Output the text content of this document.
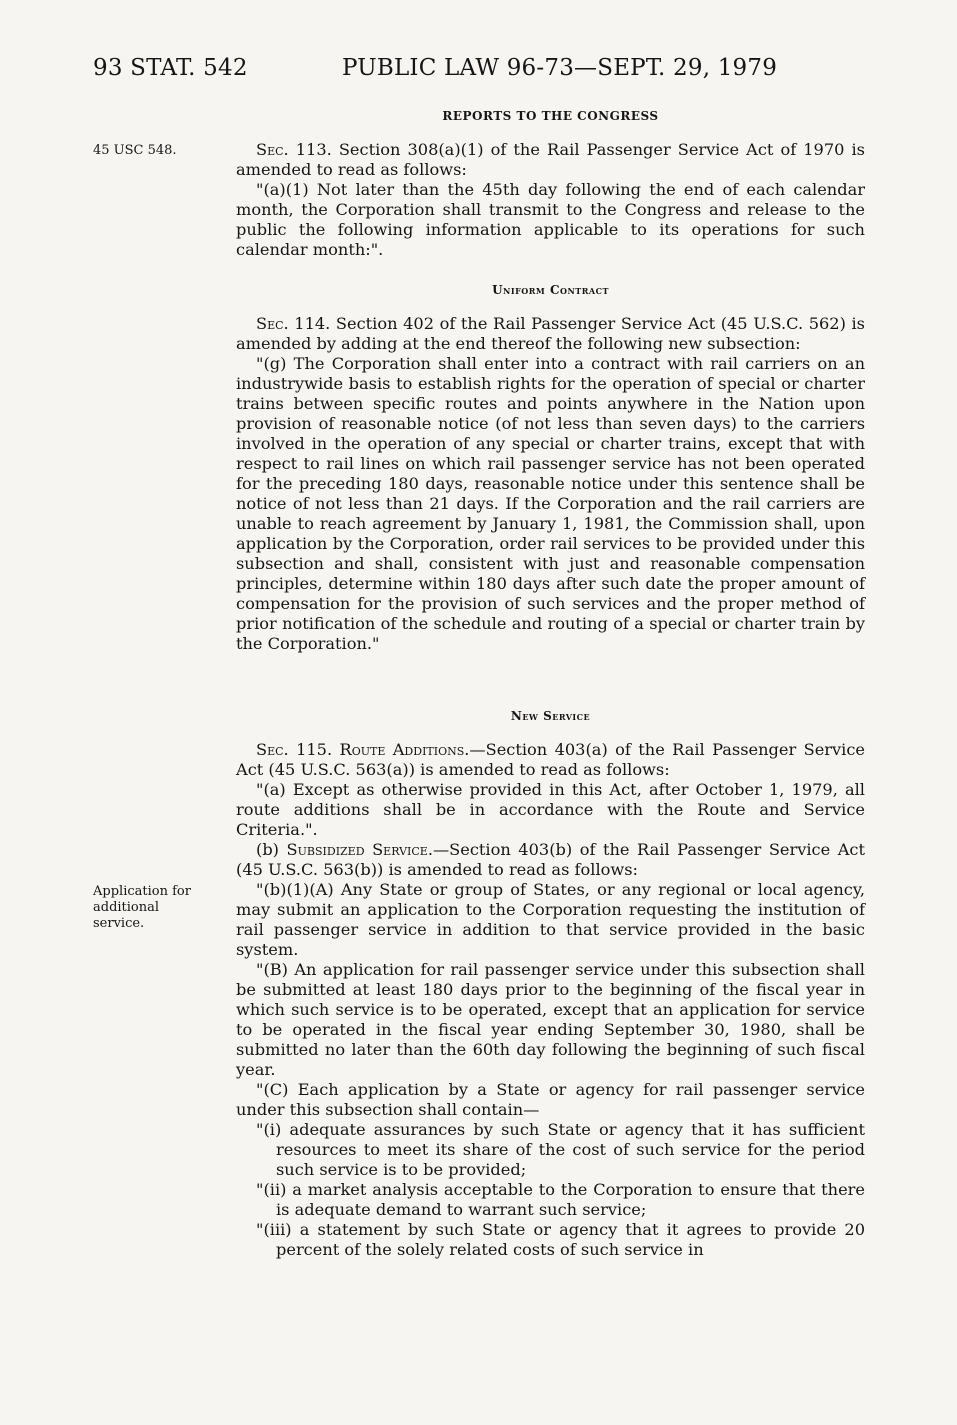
93 STAT. 542	PUBLIC LAW 96-73—SEPT. 29, 1979
REPORTS TO THE CONGRESS
45 USC 548.	Sec. 113. Section 308(a)(1) of the Rail Passenger Service Act of 1970 is amended to read as follows:

"(a)(1) Not later than the 45th day following the end of each calendar month, the Corporation shall transmit to the Congress and release to the public the following information applicable to its operations for such calendar month:".

Uniform Contract

Sec. 114. Section 402 of the Rail Passenger Service Act (45 U.S.C. 562) is amended by adding at the end thereof the following new subsection:

"(g) The Corporation shall enter into a contract with rail carriers on an industrywide basis to establish rights for the operation of special or charter trains between specific routes and points anywhere in the Nation upon provision of reasonable notice (of not less than seven days) to the carriers involved in the operation of any special or charter trains, except that with respect to rail lines on which rail passenger service has not been operated for the preceding 180 days, reasonable notice under this sentence shall be notice of not less than 21 days. If the Corporation and the rail carriers are unable to reach agreement by January 1, 1981, the Commission shall, upon application by the Corporation, order rail services to be provided under this subsection and shall, consistent with just and reasonable compensation principles, determine within 180 days after such date the proper amount of compensation for the provision of such services and the proper method of prior notification of the schedule and routing of a special or charter train by the Corporation."

New Service
Application for
additional
service.

Sec. 115. Route Additions.—Section 403(a) of the Rail Passenger Service Act (45 U.S.C. 563(a)) is amended to read as follows:

"(a) Except as otherwise provided in this Act, after October 1, 1979, all route additions shall be in accordance with the Route and Service Criteria.".

(b) Subsidized Service.—Section 403(b) of the Rail Passenger Service Act (45 U.S.C. 563(b)) is amended to read as follows:

"(b)(1)(A) Any State or group of States, or any regional or local agency, may submit an application to the Corporation requesting the institution of rail passenger service in addition to that service provided in the basic system.

"(B) An application for rail passenger service under this subsection shall be submitted at least 180 days prior to the beginning of the fiscal year in which such service is to be operated, except that an application for service to be operated in the fiscal year ending September 30, 1980, shall be submitted no later than the 60th day following the beginning of such fiscal year.

"(C) Each application by a State or agency for rail passenger service under this subsection shall contain—

"(i) adequate assurances by such State or agency that it has sufficient resources to meet its share of the cost of such service for the period such service is to be provided;

"(ii) a market analysis acceptable to the Corporation to ensure that there is adequate demand to warrant such service;

"(iii) a statement by such State or agency that it agrees to provide 20 percent of the solely related costs of such service in
